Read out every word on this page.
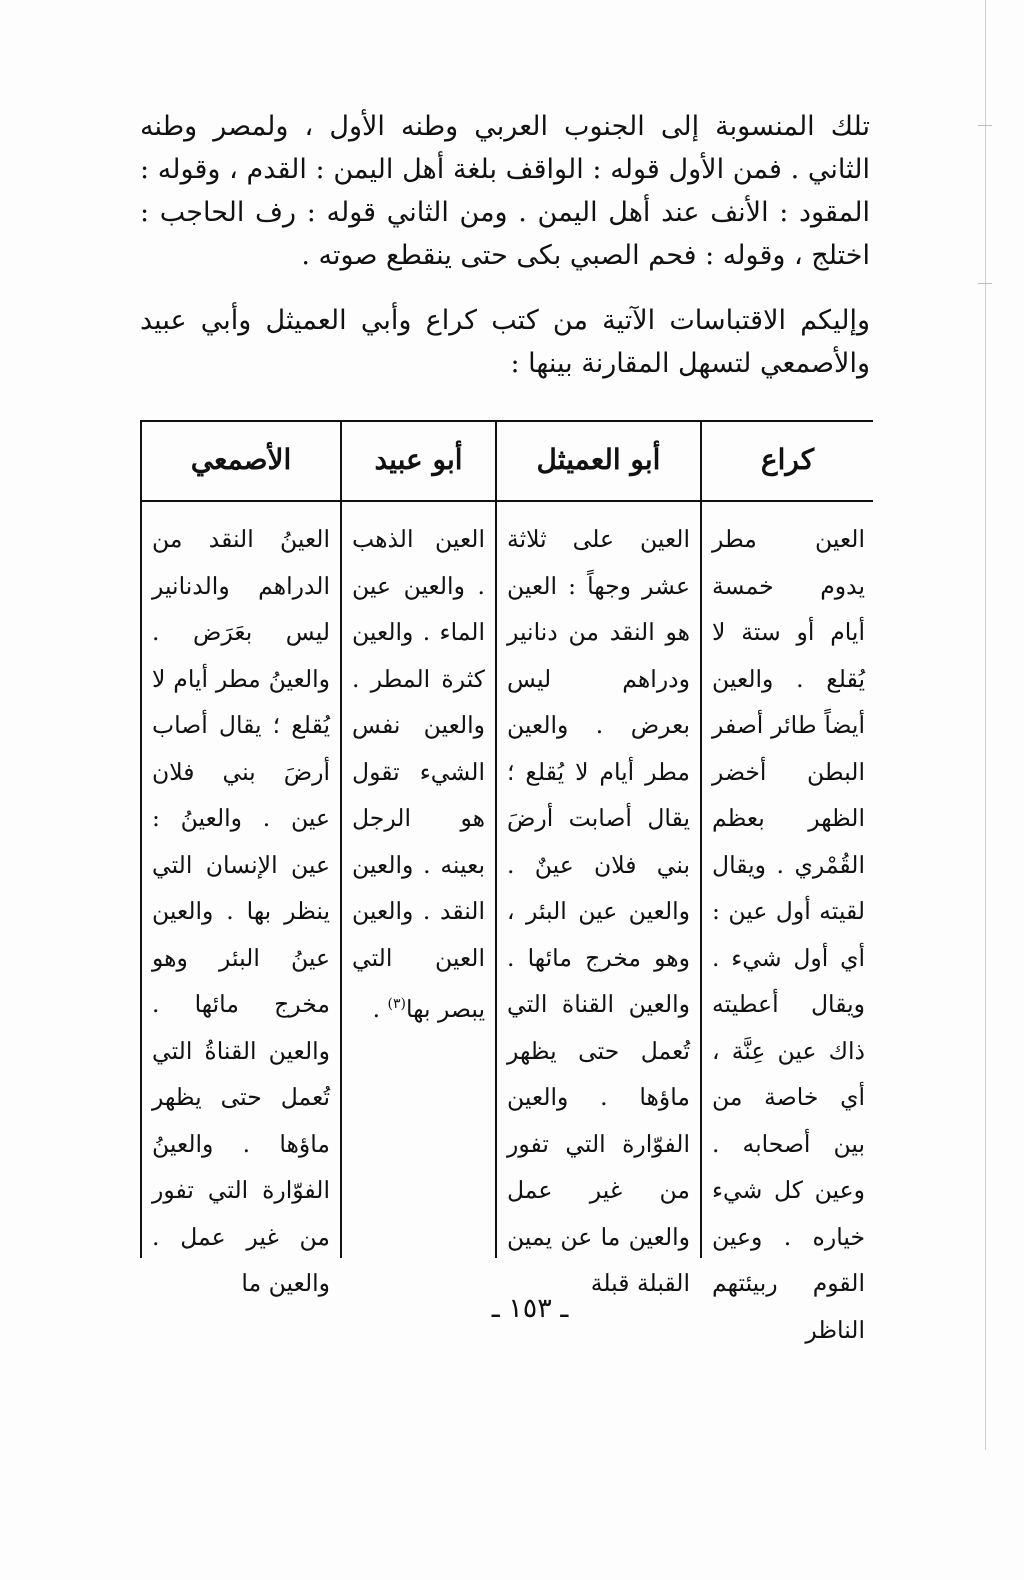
تلك المنسوبة إلى الجنوب العربي وطنه الأول ، ولمصر وطنه الثاني . فمن الأول قوله : الواقف بلغة أهل اليمن : القدم ، وقوله : المقود : الأنف عند أهل اليمن . ومن الثاني قوله : رف الحاجب : اختلج ، وقوله : فحم الصبي بكى حتى ينقطع صوته .

وإليكم الاقتباسات الآتية من كتب كراع وأبي العميثل وأبي عبيد والأصمعي لتسهل المقارنة بينها :

كراع
أبو العميثل
أبو عبيد
الأصمعي
العين مطر يدوم خمسة أيام أو ستة لا يُقلع . والعين أيضاً طائر أصفر البطن أخضر الظهر بعظم القُمْري . ويقال لقيته أول عين : أي أول شيء . ويقال أعطيته ذاك عين عِنَّة ، أي خاصة من بين أصحابه . وعين كل شيء خياره . وعين القوم ربيئتهم الناظر
العين على ثلاثة عشر وجهاً : العين هو النقد من دنانير ودراهم ليس بعرض . والعين مطر أيام لا يُقلع ؛ يقال أصابت أرضَ بني فلان عينٌ . والعين عين البئر ، وهو مخرج مائها . والعين القناة التي تُعمل حتى يظهر ماؤها . والعين الفوّارة التي تفور من غير عمل والعين ما عن يمين القبلة قبلة
العين الذهب . والعين عين الماء . والعين كثرة المطر . والعين نفس الشيء تقول هو الرجل بعينه . والعين النقد . والعين العين التي يبصر بها$^{(٣)}$ .
العينُ النقد من الدراهم والدنانير ليس بعَرَض . والعينُ مطر أيام لا يُقلع ؛ يقال أصاب أرضَ بني فلان عين . والعينُ : عين الإنسان التي ينظر بها . والعين عينُ البئر وهو مخرج مائها . والعين القناةُ التي تُعمل حتى يظهر ماؤها . والعينُ الفوّارة التي تفور من غير عمل . والعين ما
ـ ١٥٣ ـ
